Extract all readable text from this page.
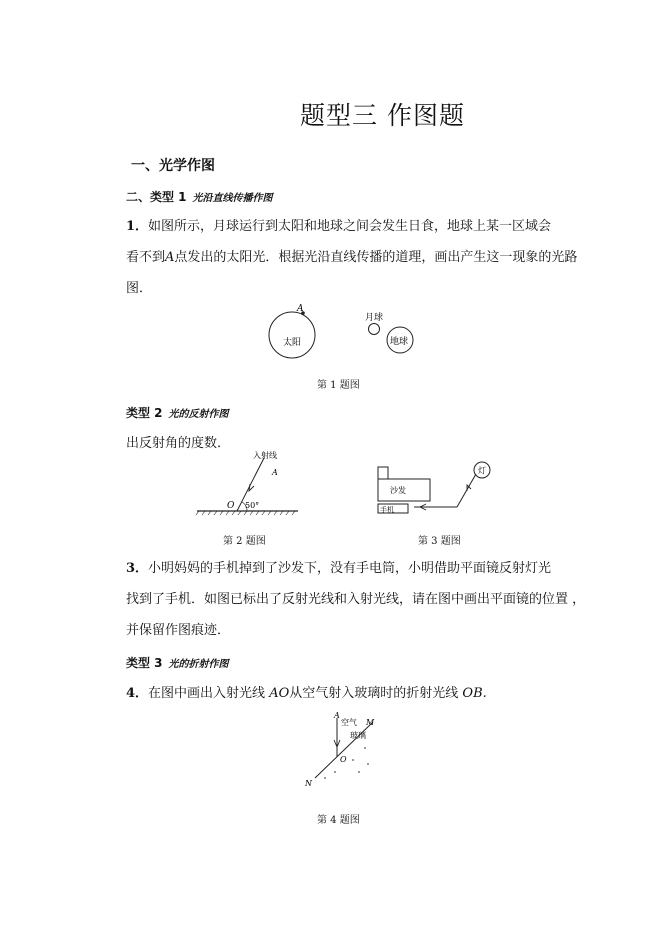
题型三 作图题
一、光学作图
二、类型 1 光沿直线传播作图
1．如图所示，月球运行到太阳和地球之间会发生日食，地球上某一区域会
看不到A点发出的太阳光．根据光沿直线传播的道理，画出产生这一现象的光路
图．
A
太阳
月球
地球
第 1 题图
类型 2 光的反射作图
出反射角的度数．
入射线
A
O 50°
第 2 题图
沙发
手机
灯
第 3 题图
3．小明妈妈的手机掉到了沙发下，没有手电筒，小明借助平面镜反射灯光
找到了手机．如图已标出了反射光线和入射光线，请在图中画出平面镜的位置 ，
并保留作图痕迹．
类型 3 光的折射作图
4．在图中画出入射光线 AO从空气射入玻璃时的折射光线 OB.
A
空气 M
玻璃
O
N
第 4 题图
